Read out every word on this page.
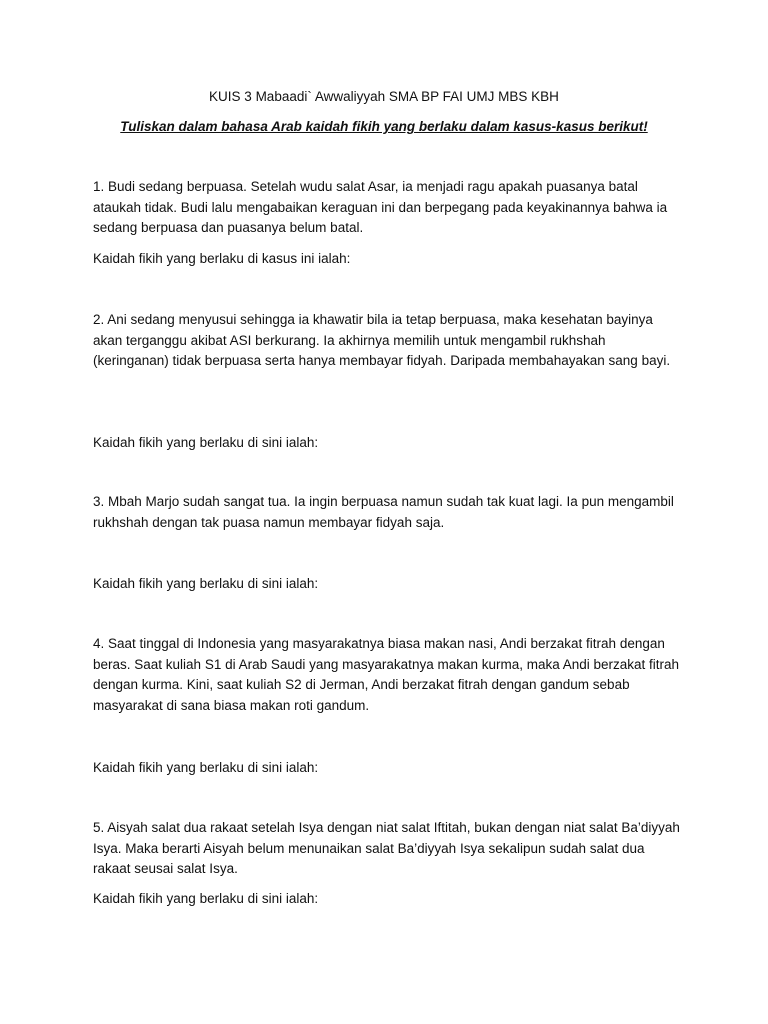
KUIS 3 Mabaadi` Awwaliyyah SMA BP FAI UMJ MBS KBH

Tuliskan dalam bahasa Arab kaidah fikih yang berlaku dalam kasus-kasus berikut!

1. Budi sedang berpuasa. Setelah wudu salat Asar, ia menjadi ragu apakah puasanya batal ataukah tidak. Budi lalu mengabaikan keraguan ini dan berpegang pada keyakinannya bahwa ia sedang berpuasa dan puasanya belum batal.

Kaidah fikih yang berlaku di kasus ini ialah:

2. Ani sedang menyusui sehingga ia khawatir bila ia tetap berpuasa, maka kesehatan bayinya akan terganggu akibat ASI berkurang. Ia akhirnya memilih untuk mengambil rukhshah (keringanan) tidak berpuasa serta hanya membayar fidyah. Daripada membahayakan sang bayi.

Kaidah fikih yang berlaku di sini ialah:

3. Mbah Marjo sudah sangat tua. Ia ingin berpuasa namun sudah tak kuat lagi. Ia pun mengambil rukhshah dengan tak puasa namun membayar fidyah saja.

Kaidah fikih yang berlaku di sini ialah:

4. Saat tinggal di Indonesia yang masyarakatnya biasa makan nasi, Andi berzakat fitrah dengan beras. Saat kuliah S1 di Arab Saudi yang masyarakatnya makan kurma, maka Andi berzakat fitrah dengan kurma. Kini, saat kuliah S2 di Jerman, Andi berzakat fitrah dengan gandum sebab masyarakat di sana biasa makan roti gandum.

Kaidah fikih yang berlaku di sini ialah:

5. Aisyah salat dua rakaat setelah Isya dengan niat salat Iftitah, bukan dengan niat salat Ba’diyyah Isya. Maka berarti Aisyah belum menunaikan salat Ba’diyyah Isya sekalipun sudah salat dua rakaat seusai salat Isya.

Kaidah fikih yang berlaku di sini ialah:
